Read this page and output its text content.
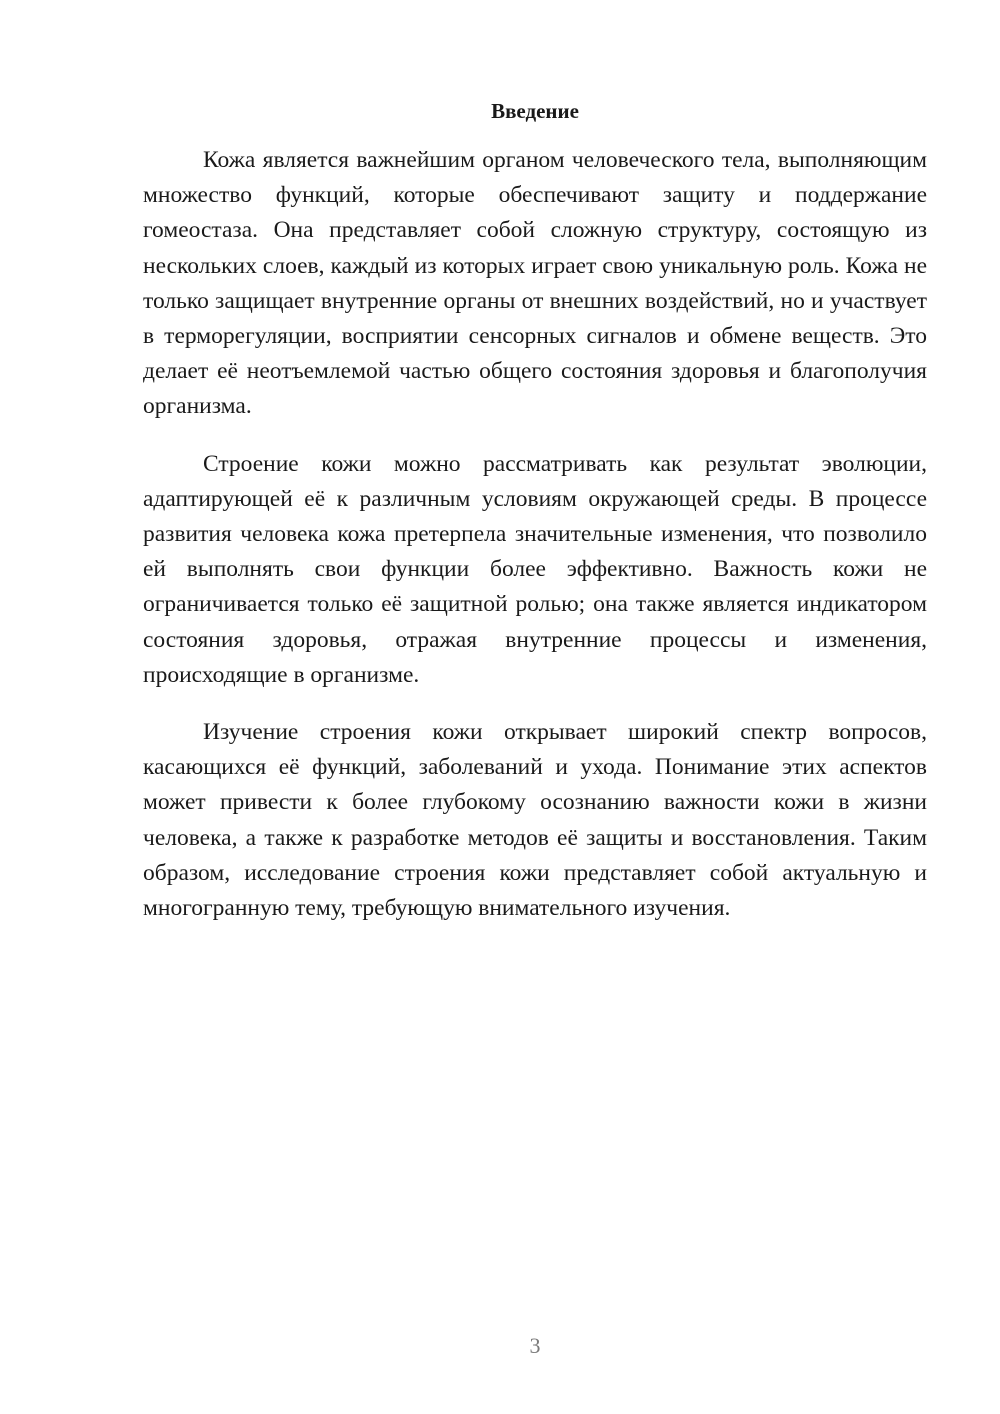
Введение

Кожа является важнейшим органом человеческого тела, выполняющим множество функций, которые обеспечивают защиту и поддержание гомеостаза. Она представляет собой сложную структуру, состоящую из нескольких слоев, каждый из которых играет свою уникальную роль. Кожа не только защищает внутренние органы от внешних воздействий, но и участвует в терморегуляции, восприятии сенсорных сигналов и обмене веществ. Это делает её неотъемлемой частью общего состояния здоровья и благополучия организма.

Строение кожи можно рассматривать как результат эволюции, адаптирующей её к различным условиям окружающей среды. В процессе развития человека кожа претерпела значительные изменения, что позволило ей выполнять свои функции более эффективно. Важность кожи не ограничивается только её защитной ролью; она также является индикатором состояния здоровья, отражая внутренние процессы и изменения, происходящие в организме.

Изучение строения кожи открывает широкий спектр вопросов, касающихся её функций, заболеваний и ухода. Понимание этих аспектов может привести к более глубокому осознанию важности кожи в жизни человека, а также к разработке методов её защиты и восстановления. Таким образом, исследование строения кожи представляет собой актуальную и многогранную тему, требующую внимательного изучения.

3
